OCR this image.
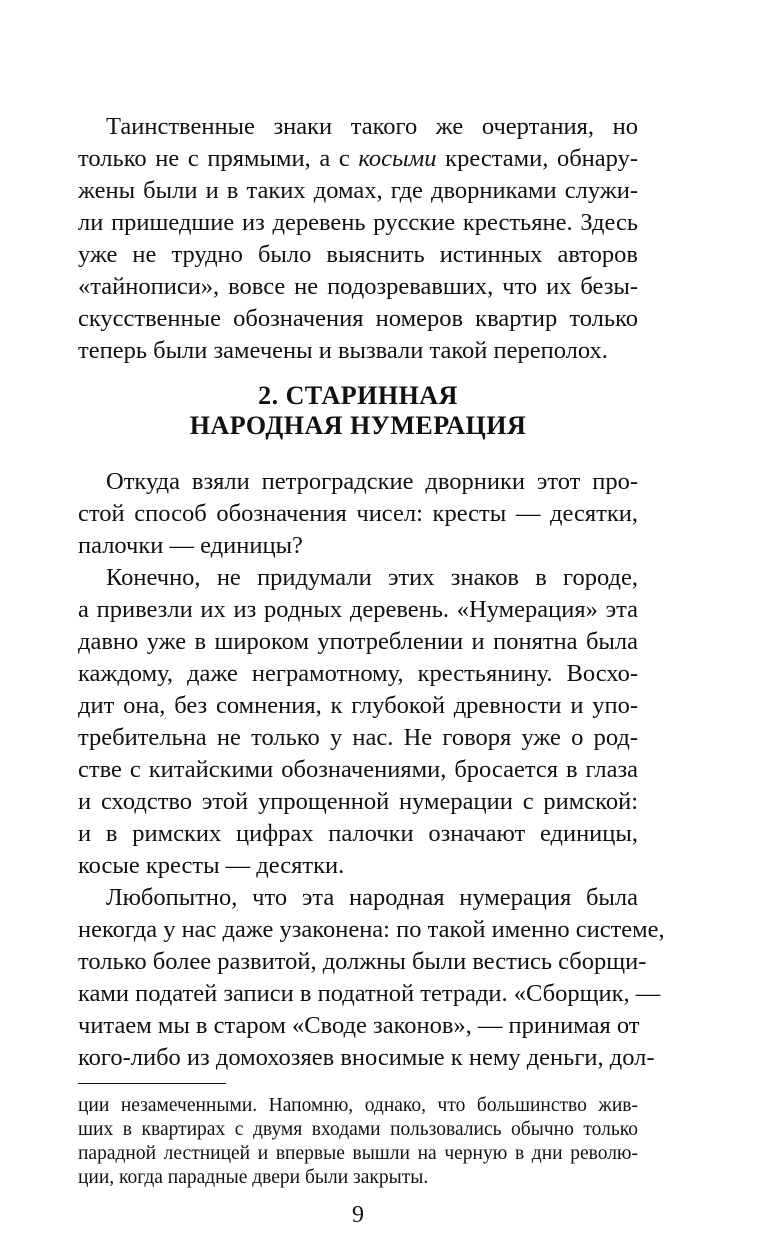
Таинственные знаки такого же очертания, но
только не с прямыми, а с косыми крестами, обнару-
жены были и в таких домах, где дворниками служи-
ли пришедшие из деревень русские крестьяне. Здесь
уже не трудно было выяснить истинных авторов
«тайнописи», вовсе не подозревавших, что их безы-
скусственные обозначения номеров квартир только
теперь были замечены и вызвали такой переполох.
2. СТАРИННАЯ
НАРОДНАЯ НУМЕРАЦИЯ
Откуда взяли петроградские дворники этот про-
стой способ обозначения чисел: кресты — десятки,
палочки — единицы?
Конечно, не придумали этих знаков в городе,
а привезли их из родных деревень. «Нумерация» эта
давно уже в широком употреблении и понятна была
каждому, даже неграмотному, крестьянину. Восхо-
дит она, без сомнения, к глубокой древности и упо-
требительна не только у нас. Не говоря уже о род-
стве с китайскими обозначениями, бросается в глаза
и сходство этой упрощенной нумерации с римской:
и в римских цифрах палочки означают единицы,
косые кресты — десятки.
Любопытно, что эта народная нумерация была
некогда у нас даже узаконена: по такой именно системе,
только более развитой, должны были вестись сборщи-
ками податей записи в податной тетради. «Сборщик, —
читаем мы в старом «Своде законов», — принимая от
кого-либо из домохозяев вносимые к нему деньги, дол-
ции незамеченными. Напомню, однако, что большинство жив-
ших в квартирах с двумя входами пользовались обычно только
парадной лестницей и впервые вышли на черную в дни револю-
ции, когда парадные двери были закрыты.
9
